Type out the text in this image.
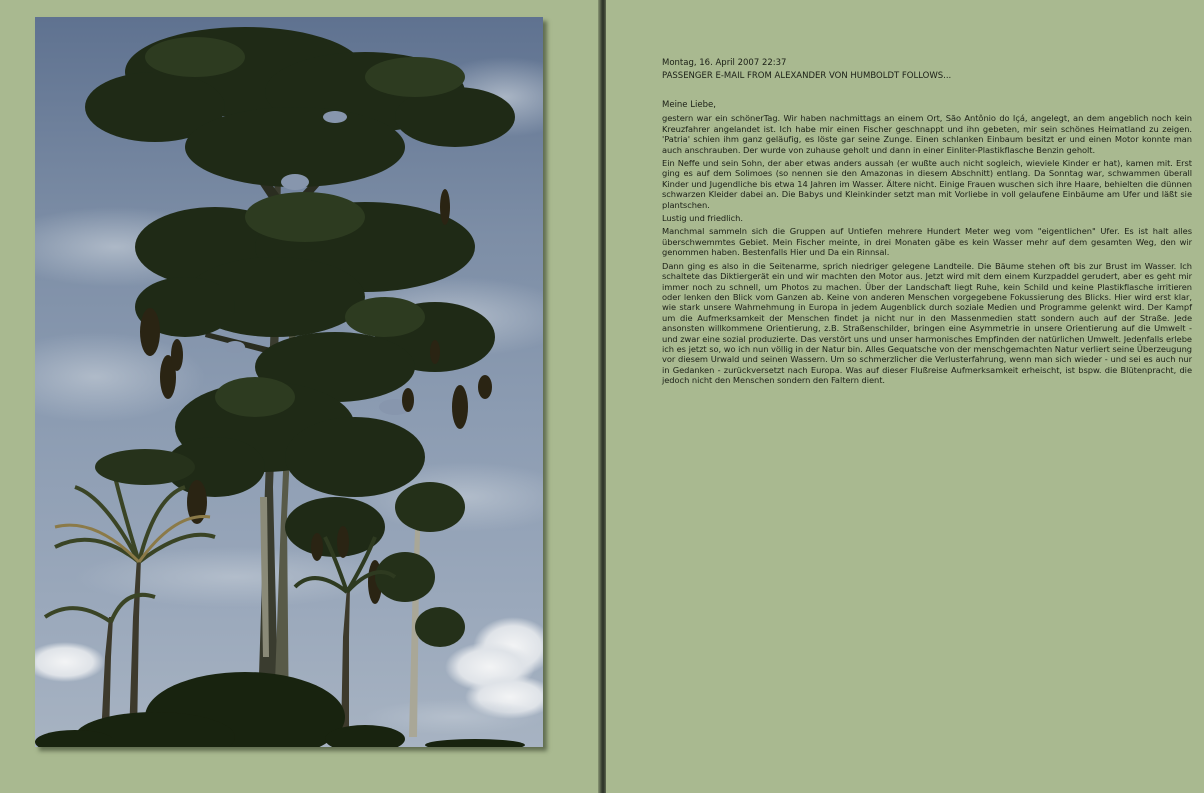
Montag, 16. April 2007 22:37

PASSENGER E-MAIL FROM ALEXANDER VON HUMBOLDT FOLLOWS...

Meine Liebe,

gestern war ein schönerTag. Wir haben nachmittags an einem Ort, São Antônio do Içá, angelegt, an dem angeblich noch kein Kreuzfahrer angelandet ist. Ich habe mir einen Fischer geschnappt und ihn gebeten, mir sein schönes Heimatland zu zeigen. 'Patria' schien ihm ganz geläufig, es löste gar seine Zunge. Einen schlanken Einbaum besitzt er und einen Motor konnte man auch anschrauben. Der wurde von zuhause geholt und dann in einer Einliter-Plastikflasche Benzin geholt.

Ein Neffe und sein Sohn, der aber etwas anders aussah (er wußte auch nicht sogleich, wieviele Kinder er hat), kamen mit. Erst ging es auf dem Solimoes (so nennen sie den Amazonas in diesem Abschnitt) entlang. Da Sonntag war, schwammen überall Kinder und Jugendliche bis etwa 14 Jahren im Wasser. Ältere nicht. Einige Frauen wuschen sich ihre Haare, behielten die dünnen schwarzen Kleider dabei an. Die Babys und Kleinkinder setzt man mit Vorliebe in voll gelaufene Einbäume am Ufer und läßt sie plantschen.

Lustig und friedlich.

Manchmal sammeln sich die Gruppen auf Untiefen mehrere Hundert Meter weg vom "eigentlichen" Ufer. Es ist halt alles überschwemmtes Gebiet. Mein Fischer meinte, in drei Monaten gäbe es kein Wasser mehr auf dem gesamten Weg, den wir genommen haben. Bestenfalls Hier und Da ein Rinnsal.

Dann ging es also in die Seitenarme, sprich niedriger gelegene Landteile. Die Bäume stehen oft bis zur Brust im Wasser. Ich schaltete das Diktiergerät ein und wir machten den Motor aus. Jetzt wird mit dem einem Kurzpaddel gerudert, aber es geht mir immer noch zu schnell, um Photos zu machen. Über der Landschaft liegt Ruhe, kein Schild und keine Plastikflasche irritieren oder lenken den Blick vom Ganzen ab. Keine von anderen Menschen vorgegebene Fokussierung des Blicks. Hier wird erst klar, wie stark unsere Wahrnehmung in Europa in jedem Augenblick durch soziale Medien und Programme gelenkt wird. Der Kampf um die Aufmerksamkeit der Menschen findet ja nicht nur in den Massenmedien statt sondern auch auf der Straße. Jede ansonsten willkommene Orientierung, z.B. Straßenschilder, bringen eine Asymmetrie in unsere Orientierung auf die Umwelt - und zwar eine sozial produzierte. Das verstört uns und unser harmonisches Empfinden der natürlichen Umwelt. Jedenfalls erlebe ich es jetzt so, wo ich nun völlig in der Natur bin. Alles Gequatsche von der menschgemachten Natur verliert seine Überzeugung vor diesem Urwald und seinen Wassern. Um so schmerzlicher die Verlusterfahrung, wenn man sich wieder - und sei es auch nur in Gedanken - zurückversetzt nach Europa. Was auf dieser Flußreise Aufmerksamkeit erheischt, ist bspw. die Blütenpracht, die jedoch nicht den Menschen sondern den Faltern dient.
